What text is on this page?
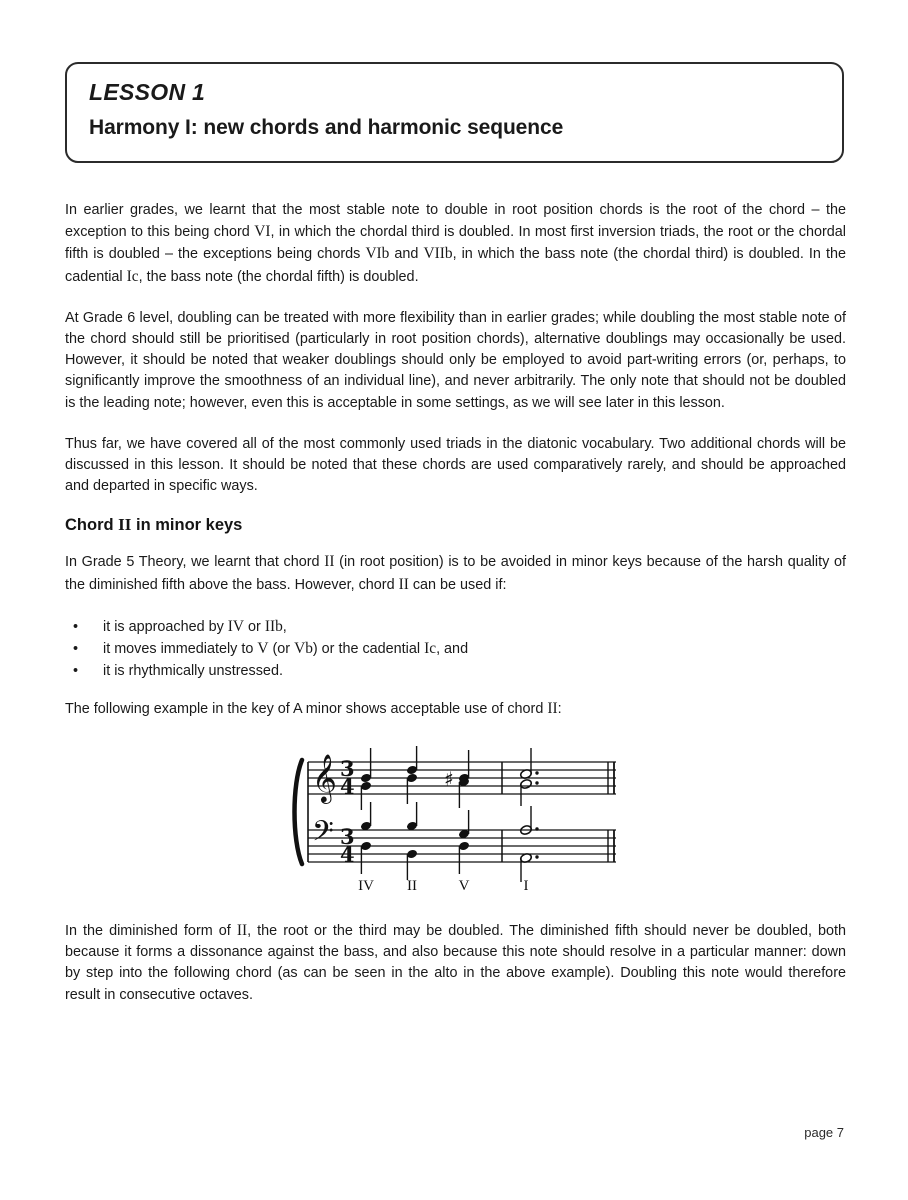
LESSON 1
Harmony I: new chords and harmonic sequence

In earlier grades, we learnt that the most stable note to double in root position chords is the root of the chord – the exception to this being chord VI, in which the chordal third is doubled. In most first inversion triads, the root or the chordal fifth is doubled – the exceptions being chords VIb and VIIb, in which the bass note (the chordal third) is doubled. In the cadential Ic, the bass note (the chordal fifth) is doubled.

At Grade 6 level, doubling can be treated with more flexibility than in earlier grades; while doubling the most stable note of the chord should still be prioritised (particularly in root position chords), alternative doublings may occasionally be used. However, it should be noted that weaker doublings should only be employed to avoid part-writing errors (or, perhaps, to significantly improve the smoothness of an individual line), and never arbitrarily. The only note that should not be doubled is the leading note; however, even this is acceptable in some settings, as we will see later in this lesson.

Thus far, we have covered all of the most commonly used triads in the diatonic vocabulary. Two additional chords will be discussed in this lesson. It should be noted that these chords are used comparatively rarely, and should be approached and departed in specific ways.

Chord II in minor keys

In Grade 5 Theory, we learnt that chord II (in root position) is to be avoided in minor keys because of the harsh quality of the diminished fifth above the bass. However, chord II can be used if:

• it is approached by IV or IIb,
• it moves immediately to V (or Vb) or the cadential Ic, and
• it is rhythmically unstressed.

The following example in the key of A minor shows acceptable use of chord II:

𝄞
𝄢
3
4
3
4
♯
IV II	V	I

In the diminished form of II, the root or the third may be doubled. The diminished fifth should never be doubled, both because it forms a dissonance against the bass, and also because this note should resolve in a particular manner: down by step into the following chord (as can be seen in the alto in the above example). Doubling this note would therefore result in consecutive octaves.

page 7
